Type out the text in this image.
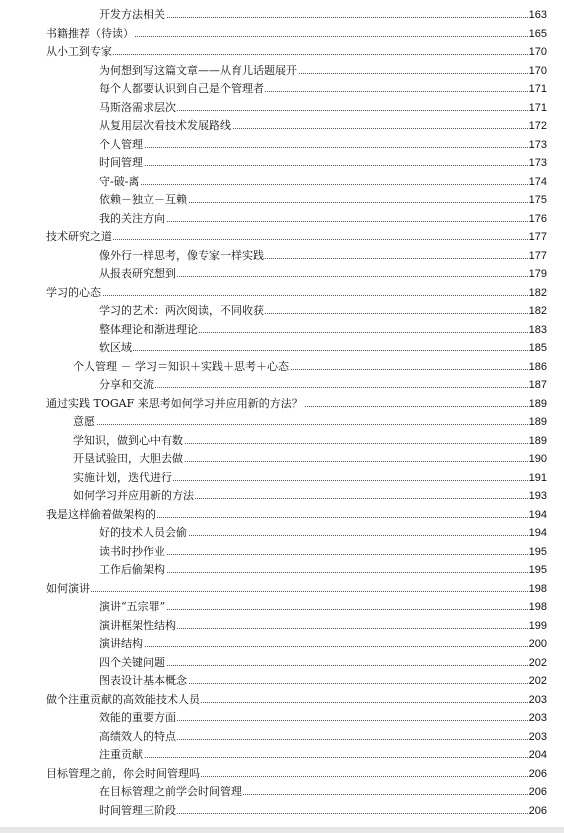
开发方法相关	163
书籍推荐（待读）	165
从小工到专家	170
为何想到写这篇文章——从育儿话题展开	170
每个人都要认识到自己是个管理者	171
马斯洛需求层次	171
从复用层次看技术发展路线	172
个人管理	173
时间管理	173
守-破-离	174
依赖－独立－互赖	175
我的关注方向	176
技术研究之道	177
像外行一样思考，像专家一样实践	177
从报表研究想到	179
学习的心态	182
学习的艺术：两次阅读，不同收获	182
整体理论和渐进理论	183
软区域	185
个人管理 － 学习＝知识＋实践＋思考＋心态	186
分享和交流	187
通过实践 TOGAF 来思考如何学习并应用新的方法？	189
意愿	189
学知识，做到心中有数	189
开垦试验田，大胆去做	190
实施计划，迭代进行	191
如何学习并应用新的方法	193
我是这样偷着做架构的	194
好的技术人员会偷	194
读书时抄作业	195
工作后偷架构	195
如何演讲	198
演讲“五宗罪”	198
演讲框架性结构	199
演讲结构	200
四个关键问题	202
图表设计基本概念	202
做个注重贡献的高效能技术人员	203
效能的重要方面	203
高绩效人的特点	203
注重贡献	204
目标管理之前，你会时间管理吗	206
在目标管理之前学会时间管理	206
时间管理三阶段	206
